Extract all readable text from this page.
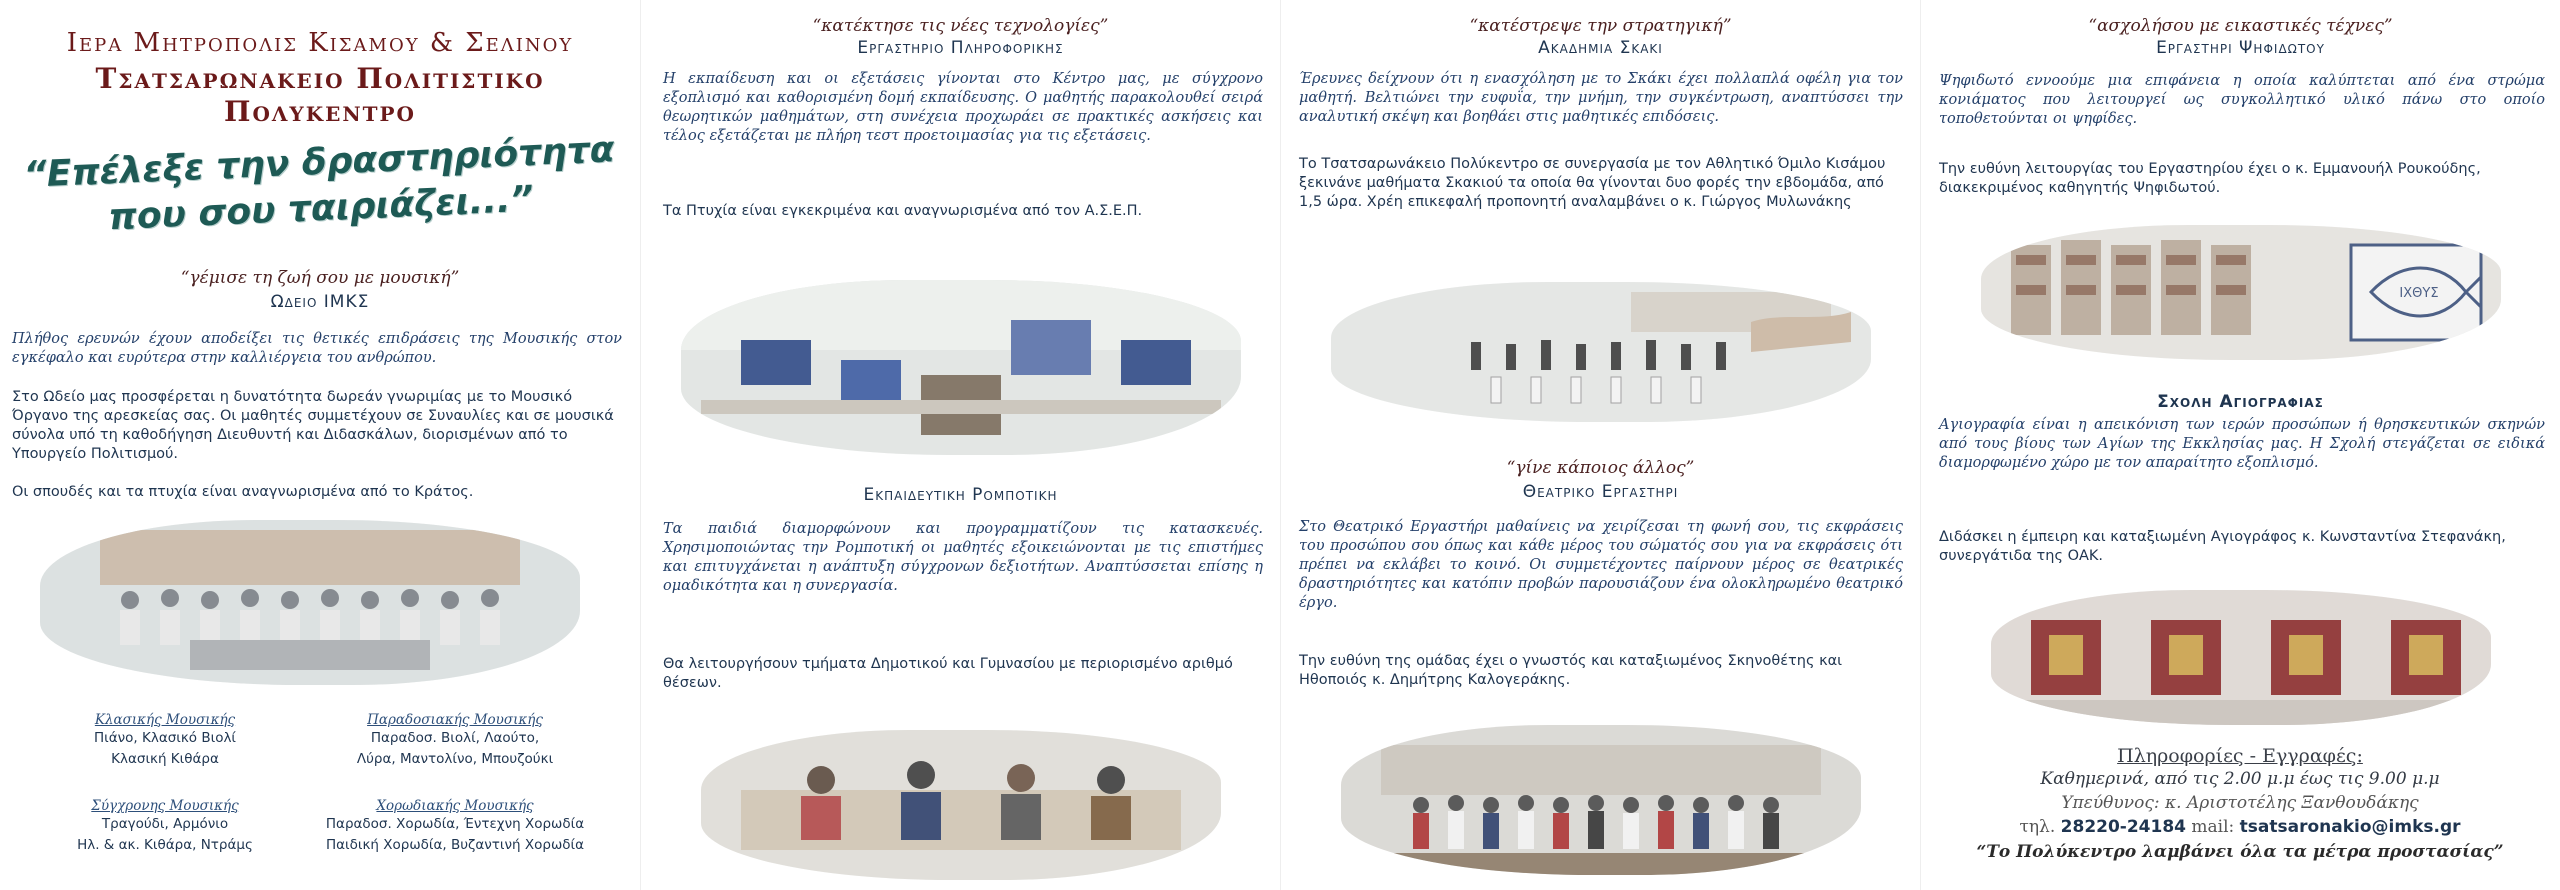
Ιερα Μητροπολις Κισαμου & Σελινου
Τσατσαρωνακειο Πολιτιστικο Πολυκεντρο
“Επέλεξε την δραστηριότητα
που σου ταιριάζει...”
“γέμισε τη ζωή σου με μουσική”
Ωδειο ΙΜΚΣ
Πλήθος ερευνών έχουν αποδείξει τις θετικές επιδράσεις της Μουσικής στον εγκέφαλο και ευρύτερα στην καλλιέργεια του ανθρώπου.
Στο Ωδείο μας προσφέρεται η δυνατότητα δωρεάν γνωριμίας με το Μουσικό Όργανο της αρεσκείας σας. Οι μαθητές συμμετέχουν σε Συναυλίες και σε μουσικά σύνολα υπό τη καθοδήγηση Διευθυντή και Διδασκάλων, διορισμένων από το Υπουργείο Πολιτισμού.
Οι σπουδές και τα πτυχία είναι αναγνωρισμένα από το Κράτος.
Κλασικής Μουσικής
Πιάνο, Κλασικό Βιολί
Κλασική Κιθάρα
Παραδοσιακής Μουσικής
Παραδοσ. Βιολί, Λαούτο,
Λύρα, Μαντολίνο, Μπουζούκι
Σύγχρονης Μουσικής
Τραγούδι, Αρμόνιο
Ηλ. & ακ. Κιθάρα, Ντράμς
Χορωδιακής Μουσικής
Παραδοσ. Χορωδία, Έντεχνη Χορωδία
Παιδική Χορωδία, Βυζαντινή Χορωδία
“κατέκτησε τις νέες τεχνολογίες”
Εργαστηριο Πληροφορικης
Η εκπαίδευση και οι εξετάσεις γίνονται στο Κέντρο μας, με σύγχρονο εξοπλισμό και καθορισμένη δομή εκπαίδευσης. Ο μαθητής παρακολουθεί σειρά θεωρητικών μαθημάτων, στη συνέχεια προχωράει σε πρακτικές ασκήσεις και τέλος εξετάζεται με πλήρη τεστ προετοιμασίας για τις εξετάσεις.
Τα Πτυχία είναι εγκεκριμένα και αναγνωρισμένα από τον Α.Σ.Ε.Π.
Εκπαιδευτικη Ρομποτικη
Τα παιδιά διαμορφώνουν και προγραμματίζουν τις κατασκευές. Χρησιμοποιώντας την Ρομποτική οι μαθητές εξοικειώνονται με τις επιστήμες και επιτυγχάνεται η ανάπτυξη σύγχρονων δεξιοτήτων. Αναπτύσσεται επίσης η ομαδικότητα και η συνεργασία.
Θα λειτουργήσουν τμήματα Δημοτικού και Γυμνασίου με περιορισμένο αριθμό θέσεων.
“κατέστρεψε την στρατηγική”
Ακαδημια Σκακι
Έρευνες δείχνουν ότι η ενασχόληση με το Σκάκι έχει πολλαπλά οφέλη για τον μαθητή. Βελτιώνει την ευφυΐα, την μνήμη, την συγκέντρωση, αναπτύσσει την αναλυτική σκέψη και βοηθάει στις μαθητικές επιδόσεις.
Το Τσατσαρωνάκειο Πολύκεντρο σε συνεργασία με τον Αθλητικό Όμιλο Κισάμου ξεκινάνε μαθήματα Σκακιού τα οποία θα γίνονται δυο φορές την εβδομάδα, από 1,5 ώρα. Χρέη επικεφαλή προπονητή αναλαμβάνει ο κ. Γιώργος Μυλωνάκης
“γίνε κάποιος άλλος”
Θεατρικο Εργαστηρι
Στο Θεατρικό Εργαστήρι μαθαίνεις να χειρίζεσαι τη φωνή σου, τις εκφράσεις του προσώπου σου όπως και κάθε μέρος του σώματός σου για να εκφράσεις ότι πρέπει να εκλάβει το κοινό. Οι συμμετέχοντες παίρνουν μέρος σε θεατρικές δραστηριότητες και κατόπιν προβών παρουσιάζουν ένα ολοκληρωμένο θεατρικό έργο.
Την ευθύνη της ομάδας έχει ο γνωστός και καταξιωμένος Σκηνοθέτης και Ηθοποιός κ. Δημήτρης Καλογεράκης.
“ασχολήσου με εικαστικές τέχνες”
Εργαστηρι Ψηφιδωτου
Ψηφιδωτό εννοούμε μια επιφάνεια η οποία καλύπτεται από ένα στρώμα κονιάματος που λειτουργεί ως συγκολλητικό υλικό πάνω στο οποίο τοποθετούνται οι ψηφίδες.
Την ευθύνη λειτουργίας του Εργαστηρίου έχει ο κ. Εμμανουήλ Ρουκούδης, διακεκριμένος καθηγητής Ψηφιδωτού.
ΙΧΘΥΣ
Σχολη Αγιογραφιας
Αγιογραφία είναι η απεικόνιση των ιερών προσώπων ή θρησκευτικών σκηνών από τους βίους των Αγίων της Εκκλησίας μας. Η Σχολή στεγάζεται σε ειδικά διαμορφωμένο χώρο με τον απαραίτητο εξοπλισμό.
Διδάσκει η έμπειρη και καταξιωμένη Αγιογράφος κ. Κωνσταντίνα Στεφανάκη, συνεργάτιδα της ΟΑΚ.
Πληροφορίες - Εγγραφές:
Καθημερινά, από τις 2.00 μ.μ έως τις 9.00 μ.μ
Υπεύθυνος: κ. Αριστοτέλης Ξανθουδάκης
τηλ. 28220-24184 mail: tsatsaronakio@imks.gr
“Το Πολύκεντρο λαμβάνει όλα τα μέτρα προστασίας”
